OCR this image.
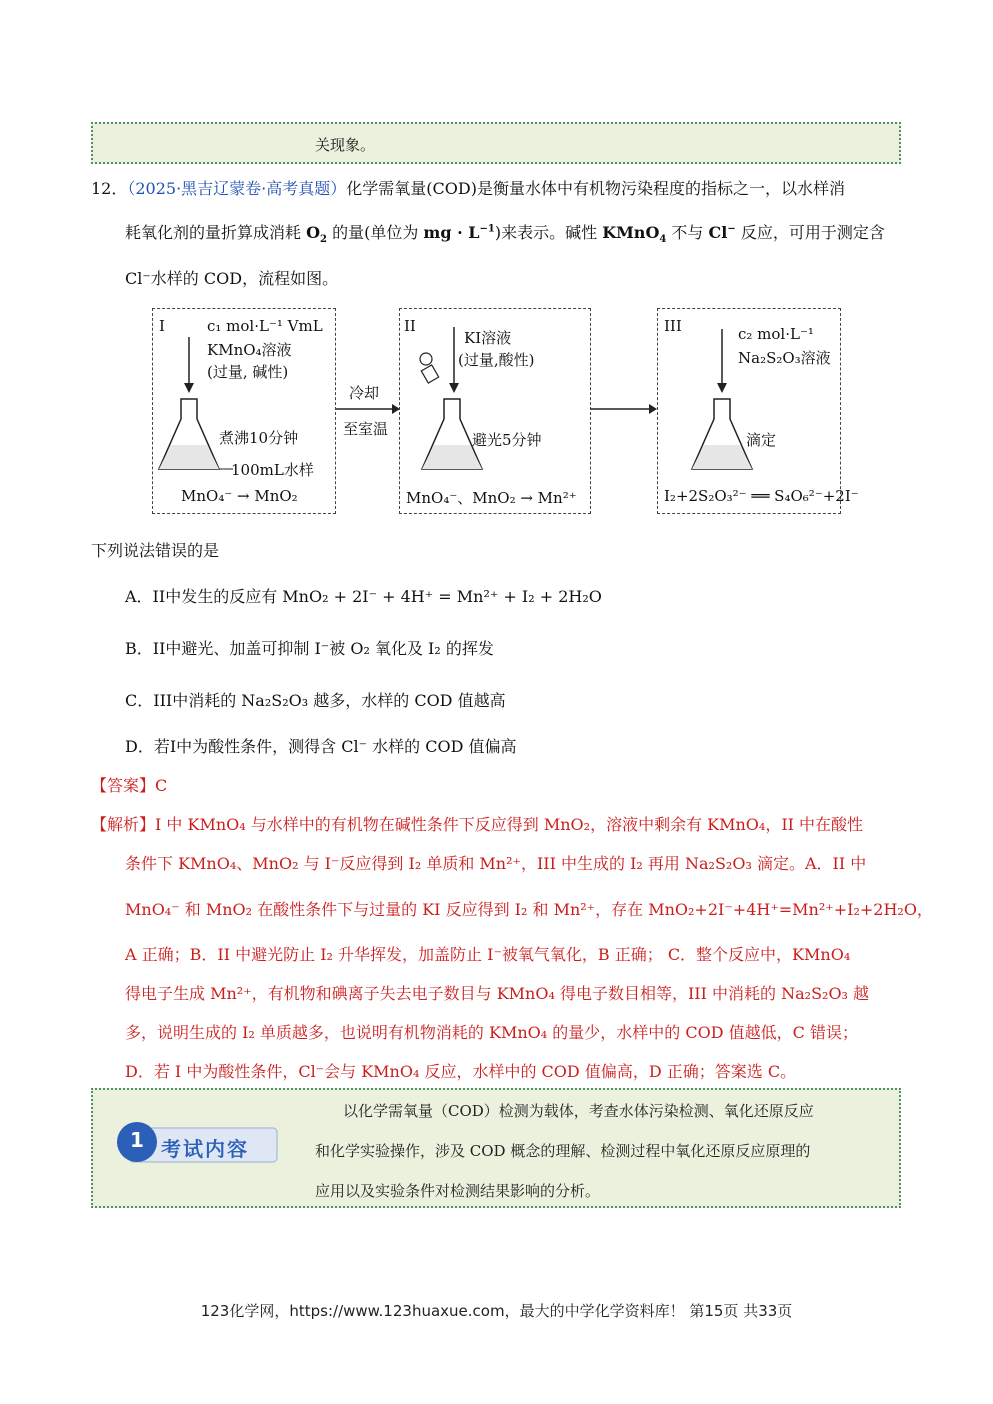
关现象。
12．（2025·黑吉辽蒙卷·高考真题）化学需氧量(COD)是衡量水体中有机物污染程度的指标之一，以水样消
耗氧化剂的量折算成消耗 $O_2$ 的量(单位为 mg · $L^{-1}$)来表示。碱性 KMnO$_4$ 不与 Cl− 反应，可用于测定含
Cl⁻水样的 COD，流程如图。
I	c₁ mol·L⁻¹ VmL
KMnO₄溶液
(过量, 碱性)
煮沸10分钟
100mL水样
MnO₄⁻ → MnO₂
冷却
至室温
II
KI溶液
(过量,酸性)
避光5分钟
MnO₄⁻、MnO₂ → Mn²⁺
III	c₂ mol·L⁻¹
Na₂S₂O₃溶液
滴定
I₂+2S₂O₃²⁻ ══ S₄O₆²⁻+2I⁻
下列说法错误的是
A．II中发生的反应有 MnO₂ + 2I⁻ + 4H⁺ = Mn²⁺ + I₂ + 2H₂O
B．II中避光、加盖可抑制 I⁻被 O₂ 氧化及 I₂ 的挥发
C．III中消耗的 Na₂S₂O₃ 越多，水样的 COD 值越高
D．若I中为酸性条件，测得含 Cl⁻ 水样的 COD 值偏高
【答案】C
【解析】I 中 KMnO₄ 与水样中的有机物在碱性条件下反应得到 MnO₂，溶液中剩余有 KMnO₄，II 中在酸性
条件下 KMnO₄、MnO₂ 与 I⁻反应得到 I₂ 单质和 Mn²⁺，III 中生成的 I₂ 再用 Na₂S₂O₃ 滴定。A．II 中
MnO₄⁻ 和 MnO₂ 在酸性条件下与过量的 KI 反应得到 I₂ 和 Mn²⁺，存在 MnO₂+2I⁻+4H⁺=Mn²⁺+I₂+2H₂O，
A 正确；B．II 中避光防止 I₂ 升华挥发，加盖防止 I⁻被氧气氧化，B 正确； C．整个反应中，KMnO₄
得电子生成 Mn²⁺，有机物和碘离子失去电子数目与 KMnO₄ 得电子数目相等，III 中消耗的 Na₂S₂O₃ 越
多，说明生成的 I₂ 单质越多，也说明有机物消耗的 KMnO₄ 的量少，水样中的 COD 值越低，C 错误；
D．若 I 中为酸性条件，Cl⁻会与 KMnO₄ 反应，水样中的 COD 值偏高，D 正确；答案选 C。
1 考试内容
以化学需氧量（COD）检测为载体，考查水体污染检测、氧化还原反应
和化学实验操作，涉及 COD 概念的理解、检测过程中氧化还原反应原理的
应用以及实验条件对检测结果影响的分析。
123化学网，https://www.123huaxue.com，最大的中学化学资料库！ 第15页 共33页
